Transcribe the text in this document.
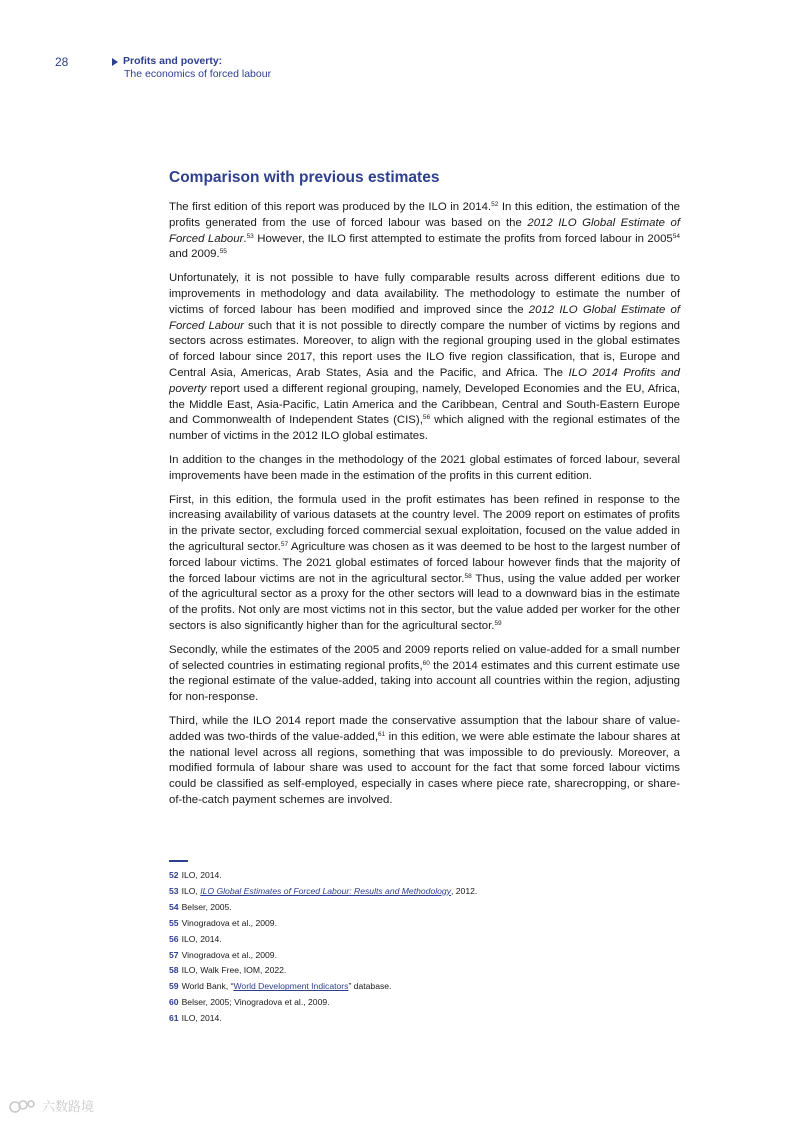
28	Profits and poverty:
The economics of forced labour
Comparison with previous estimates

The first edition of this report was produced by the ILO in 2014.52 In this edition, the estimation of the profits generated from the use of forced labour was based on the 2012 ILO Global Estimate of Forced Labour.$^{53}$ However, the ILO first attempted to estimate the profits from forced labour in 2005$^{54}$ and 2009.55

Unfortunately, it is not possible to have fully comparable results across different editions due to improvements in methodology and data availability. The methodology to estimate the number of victims of forced labour has been modified and improved since the 2012 ILO Global Estimate of Forced Labour such that it is not possible to directly compare the number of victims by regions and sectors across estimates. Moreover, to align with the regional grouping used in the global estimates of forced labour since 2017, this report uses the ILO five region classification, that is, Europe and Central Asia, Americas, Arab States, Asia and the Pacific, and Africa. The ILO 2014 Profits and poverty report used a different regional grouping, namely, Developed Economies and the EU, Africa, the Middle East, Asia-Pacific, Latin America and the Caribbean, Central and South-Eastern Europe and Commonwealth of Independent States (CIS),$^{56}$ which aligned with the regional estimates of the number of victims in the 2012 ILO global estimates.

In addition to the changes in the methodology of the 2021 global estimates of forced labour, several improvements have been made in the estimation of the profits in this current edition.

First, in this edition, the formula used in the profit estimates has been refined in response to the increasing availability of various datasets at the country level. The 2009 report on estimates of profits in the private sector, excluding forced commercial sexual exploitation, focused on the value added in the agricultural sector.$^{57}$ Agriculture was chosen as it was deemed to be host to the largest number of forced labour victims. The 2021 global estimates of forced labour however finds that the majority of the forced labour victims are not in the agricultural sector.$^{58}$ Thus, using the value added per worker of the agricultural sector as a proxy for the other sectors will lead to a downward bias in the estimate of the profits. Not only are most victims not in this sector, but the value added per worker for the other sectors is also significantly higher than for the agricultural sector.$^{59}$

Secondly, while the estimates of the 2005 and 2009 reports relied on value-added for a small number of selected countries in estimating regional profits,$^{60}$ the 2014 estimates and this current estimate use the regional estimate of the value-added, taking into account all countries within the region, adjusting for non-response.

Third, while the ILO 2014 report made the conservative assumption that the labour share of value-added was two-thirds of the value-added,$^{61}$ in this edition, we were able estimate the labour shares at the national level across all regions, something that was impossible to do previously. Moreover, a modified formula of labour share was used to account for the fact that some forced labour victims could be classified as self-employed, especially in cases where piece rate, sharecropping, or share-of-the-catch payment schemes are involved.

52 ILO, 2014.
53 ILO, ILO Global Estimates of Forced Labour: Results and Methodology, 2012.
54 Belser, 2005.
55 Vinogradova et al., 2009.
56 ILO, 2014.
57 Vinogradova et al., 2009.
58 ILO, Walk Free, IOM, 2022.
59 World Bank, “World Development Indicators” database.
60 Belser, 2005; Vinogradova et al., 2009.
61 ILO, 2014.
六数路境
